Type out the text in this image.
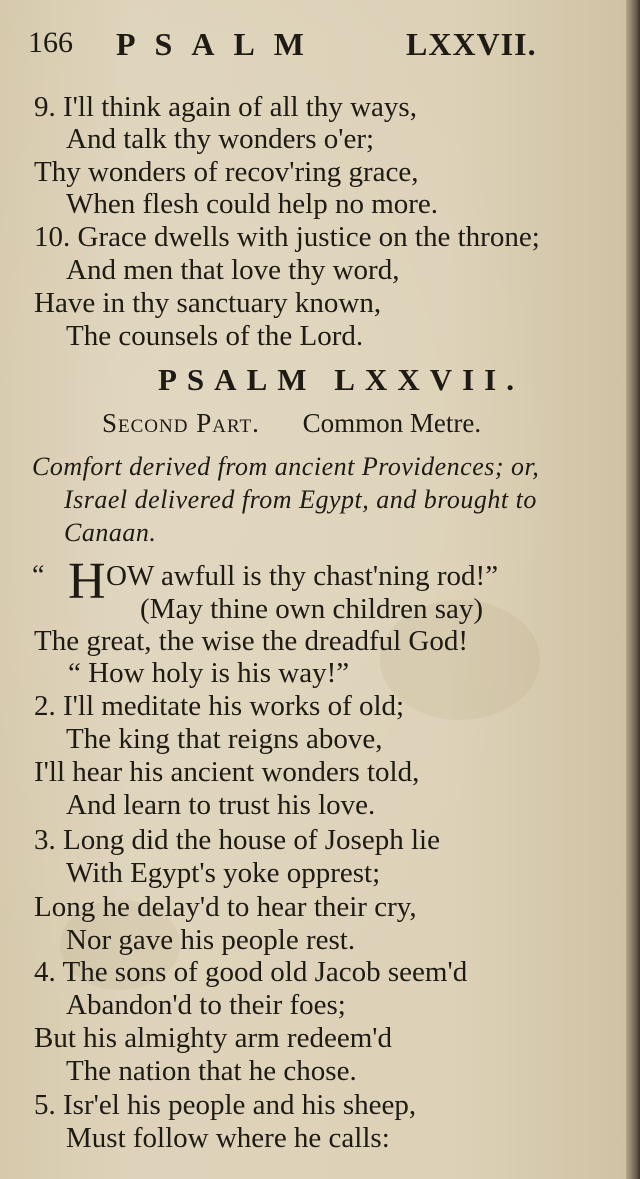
166 PSALM	LXXVII.
9. I'll think again of all thy ways,
And talk thy wonders o'er;
Thy wonders of recov'ring grace,
When flesh could help no more.
10. Grace dwells with justice on the throne;
And men that love thy word,
Have in thy sanctuary known,
The counsels of the Lord.
PSALM LXXVII.
Second Part. Common Metre.
Comfort derived from ancient Providences; or,
Israel delivered from Egypt, and brought to
Canaan.
“ H OW awfull is thy chast'ning rod!”
(May thine own children say)
The great, the wise the dreadful God!
“ How holy is his way!”
2. I'll meditate his works of old;
The king that reigns above,
I'll hear his ancient wonders told,
And learn to trust his love.
3. Long did the house of Joseph lie
With Egypt's yoke opprest;
Long he delay'd to hear their cry,
Nor gave his people rest.
4. The sons of good old Jacob seem'd
Abandon'd to their foes;
But his almighty arm redeem'd
The nation that he chose.
5. Isr'el his people and his sheep,
Must follow where he calls:
